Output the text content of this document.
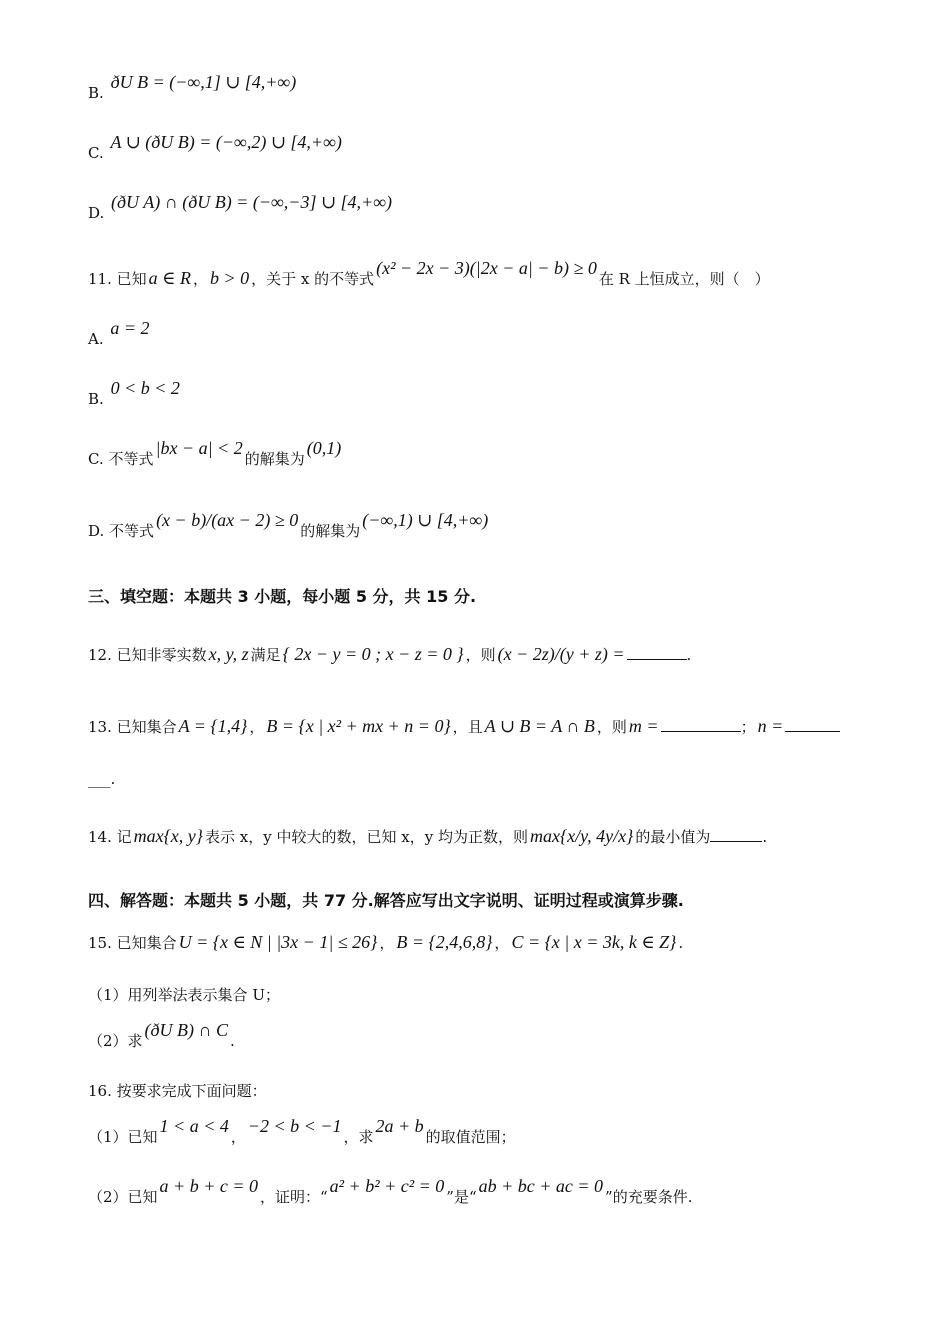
B. ðU B = (−∞,1] ∪ [4,+∞)
C. A ∪ (ðU B) = (−∞,2) ∪ [4,+∞)
D. (ðU A) ∩ (ðU B) = (−∞,−3] ∪ [4,+∞)
11. 已知 a ∈ R ， b > 0 ，关于 x 的不等式(x² − 2x − 3)(|2x − a| − b) ≥ 0在 R 上恒成立，则（　）
A. a = 2
B. 0 < b < 2
C. 不等式|bx − a| < 2的解集为(0,1)
D. 不等式(x − b)/(ax − 2) ≥ 0的解集为(−∞,1) ∪ [4,+∞)
三、填空题：本题共 3 小题，每小题 5 分，共 15 分.
12. 已知非零实数 x, y, z 满足 { 2x − y = 0 ; x − z = 0 } ，则 (x − 2z)/(y + z) =	.
13. 已知集合 A = {1,4} ， B = {x | x² + mx + n = 0} ，且 A ∪ B = A ∩ B ，则 m =	； n =
___.
14. 记 max{x, y} 表示 x，y 中较大的数，已知 x，y 均为正数，则 max{x/y, 4y/x} 的最小值为	.
四、解答题：本题共 5 小题，共 77 分.解答应写出文字说明、证明过程或演算步骤.
15. 已知集合 U = {x ∈ N | |3x − 1| ≤ 26} ， B = {2,4,6,8} ， C = {x | x = 3k, k ∈ Z} .
（1）用列举法表示集合 U；
（2）求(ðU B) ∩ C.
16. 按要求完成下面问题：
（1）已知1 < a < 4，−2 < b < −1，求2a + b的取值范围；
（2）已知a + b + c = 0，证明：“a² + b² + c² = 0”是“ab + bc + ac = 0”的充要条件.
